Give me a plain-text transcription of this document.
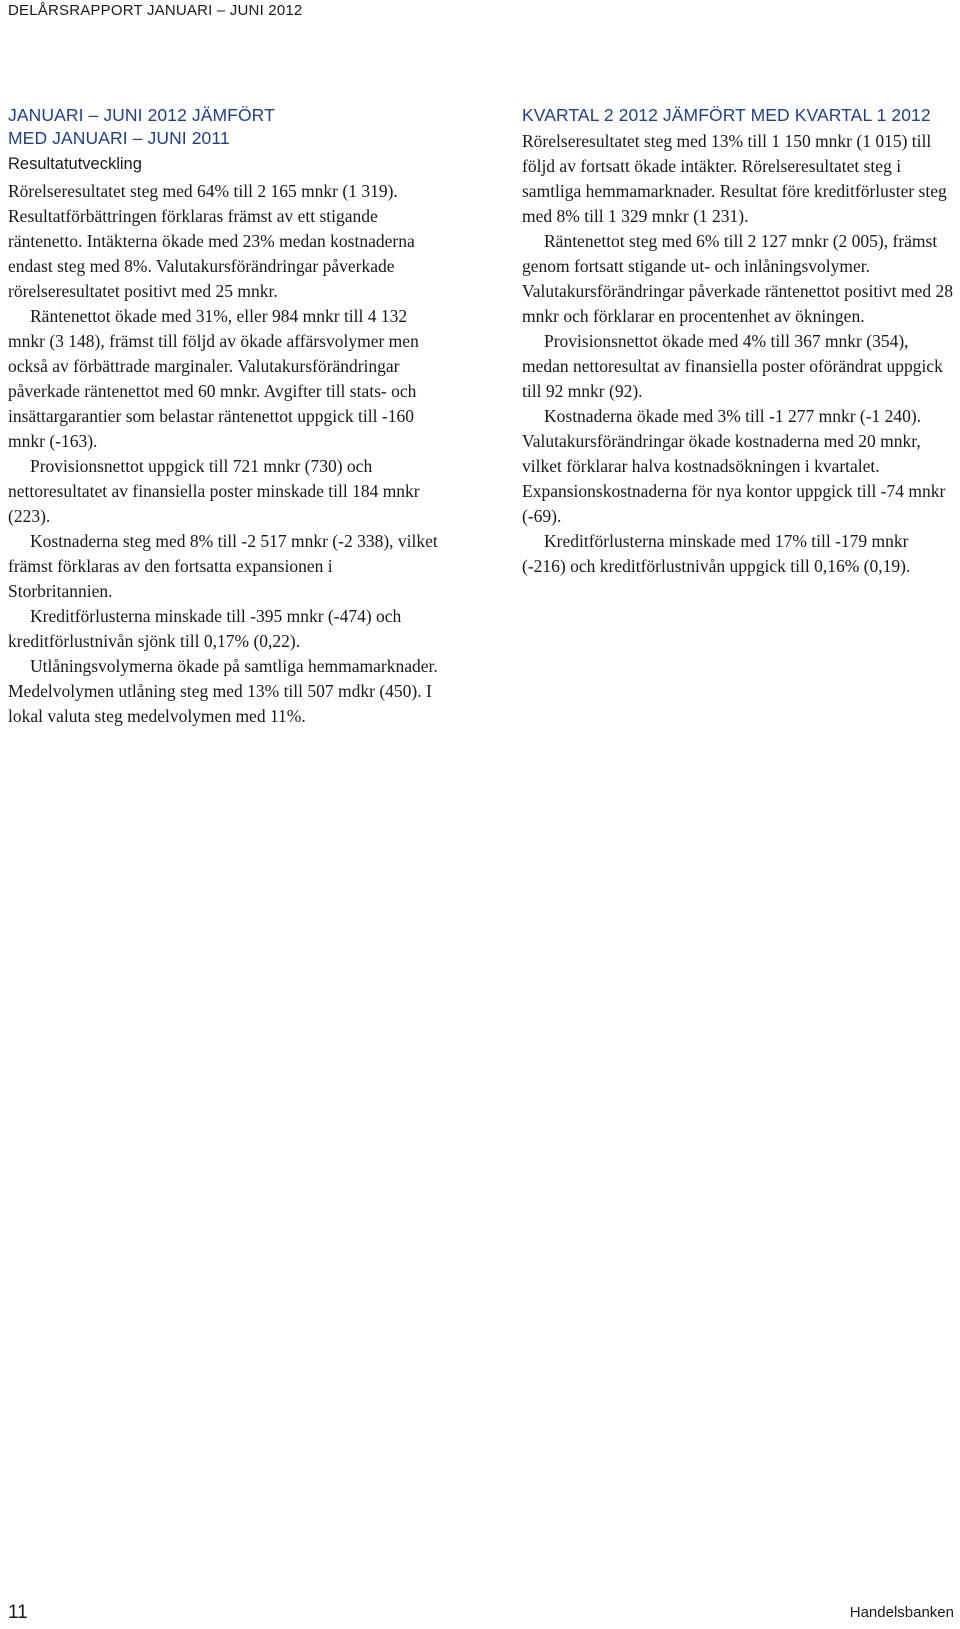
DELÅRSRAPPORT JANUARI – JUNI 2012
JANUARI – JUNI 2012 JÄMFÖRT MED JANUARI – JUNI 2011
Resultatutveckling

Rörelseresultatet steg med 64% till 2 165 mnkr (1 319). Resultatförbättringen förklaras främst av ett stigande räntenetto. Intäkterna ökade med 23% medan kostnaderna endast steg med 8%. Valutakursförändringar påverkade rörelseresultatet positivt med 25 mnkr.

Räntenettot ökade med 31%, eller 984 mnkr till 4 132 mnkr (3 148), främst till följd av ökade affärsvolymer men också av förbättrade marginaler. Valutakursförändringar påverkade räntenettot med 60 mnkr. Avgifter till stats- och insättargarantier som belastar räntenettot uppgick till -160 mnkr (-163).

Provisionsnettot uppgick till 721 mnkr (730) och nettoresultatet av finansiella poster minskade till 184 mnkr (223).

Kostnaderna steg med 8% till -2 517 mnkr (-2 338), vilket främst förklaras av den fortsatta expansionen i Storbritannien.

Kreditförlusterna minskade till -395 mnkr (-474) och kreditförlustnivån sjönk till 0,17% (0,22).

Utlåningsvolymerna ökade på samtliga hemmamarknader. Medelvolymen utlåning steg med 13% till 507 mdkr (450). I lokal valuta steg medelvolymen med 11%.

KVARTAL 2 2012 JÄMFÖRT MED KVARTAL 1 2012

Rörelseresultatet steg med 13% till 1 150 mnkr (1 015) till följd av fortsatt ökade intäkter. Rörelseresultatet steg i samtliga hemmamarknader. Resultat före kreditförluster steg med 8% till 1 329 mnkr (1 231).

Räntenettot steg med 6% till 2 127 mnkr (2 005), främst genom fortsatt stigande ut- och inlåningsvolymer. Valutakursförändringar påverkade räntenettot positivt med 28 mnkr och förklarar en procentenhet av ökningen.

Provisionsnettot ökade med 4% till 367 mnkr (354), medan nettoresultat av finansiella poster oförändrat uppgick till 92 mnkr (92).

Kostnaderna ökade med 3% till -1 277 mnkr (-1 240). Valutakursförändringar ökade kostnaderna med 20 mnkr, vilket förklarar halva kostnadsökningen i kvartalet. Expansionskostnaderna för nya kontor uppgick till -74 mnkr (-69).

Kreditförlusterna minskade med 17% till -179 mnkr (-216) och kreditförlustnivån uppgick till 0,16% (0,19).

11	Handelsbanken
